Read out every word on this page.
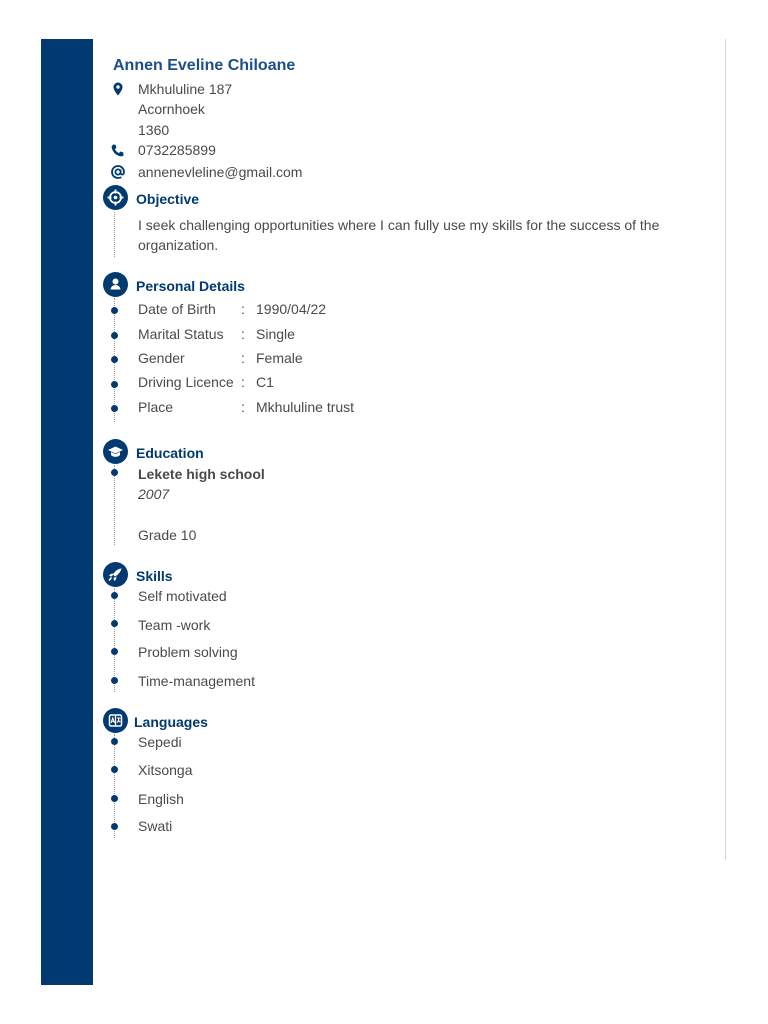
Annen Eveline Chiloane
Mkhululine 187
Acornhoek
1360
0732285899
annenevleline@gmail.com
Objective
I seek challenging opportunities where I can fully use my skills for the success of the organization.
Personal Details
Date of Birth : 1990/04/22
Marital Status : Single
Gender	: Female
Driving Licence : C1
Place	: Mkhululine trust
Education
Lekete high school
2007
Grade 10
Skills
Self motivated
Team -work
Problem solving
Time-management
Languages
Sepedi
Xitsonga
English
Swati
